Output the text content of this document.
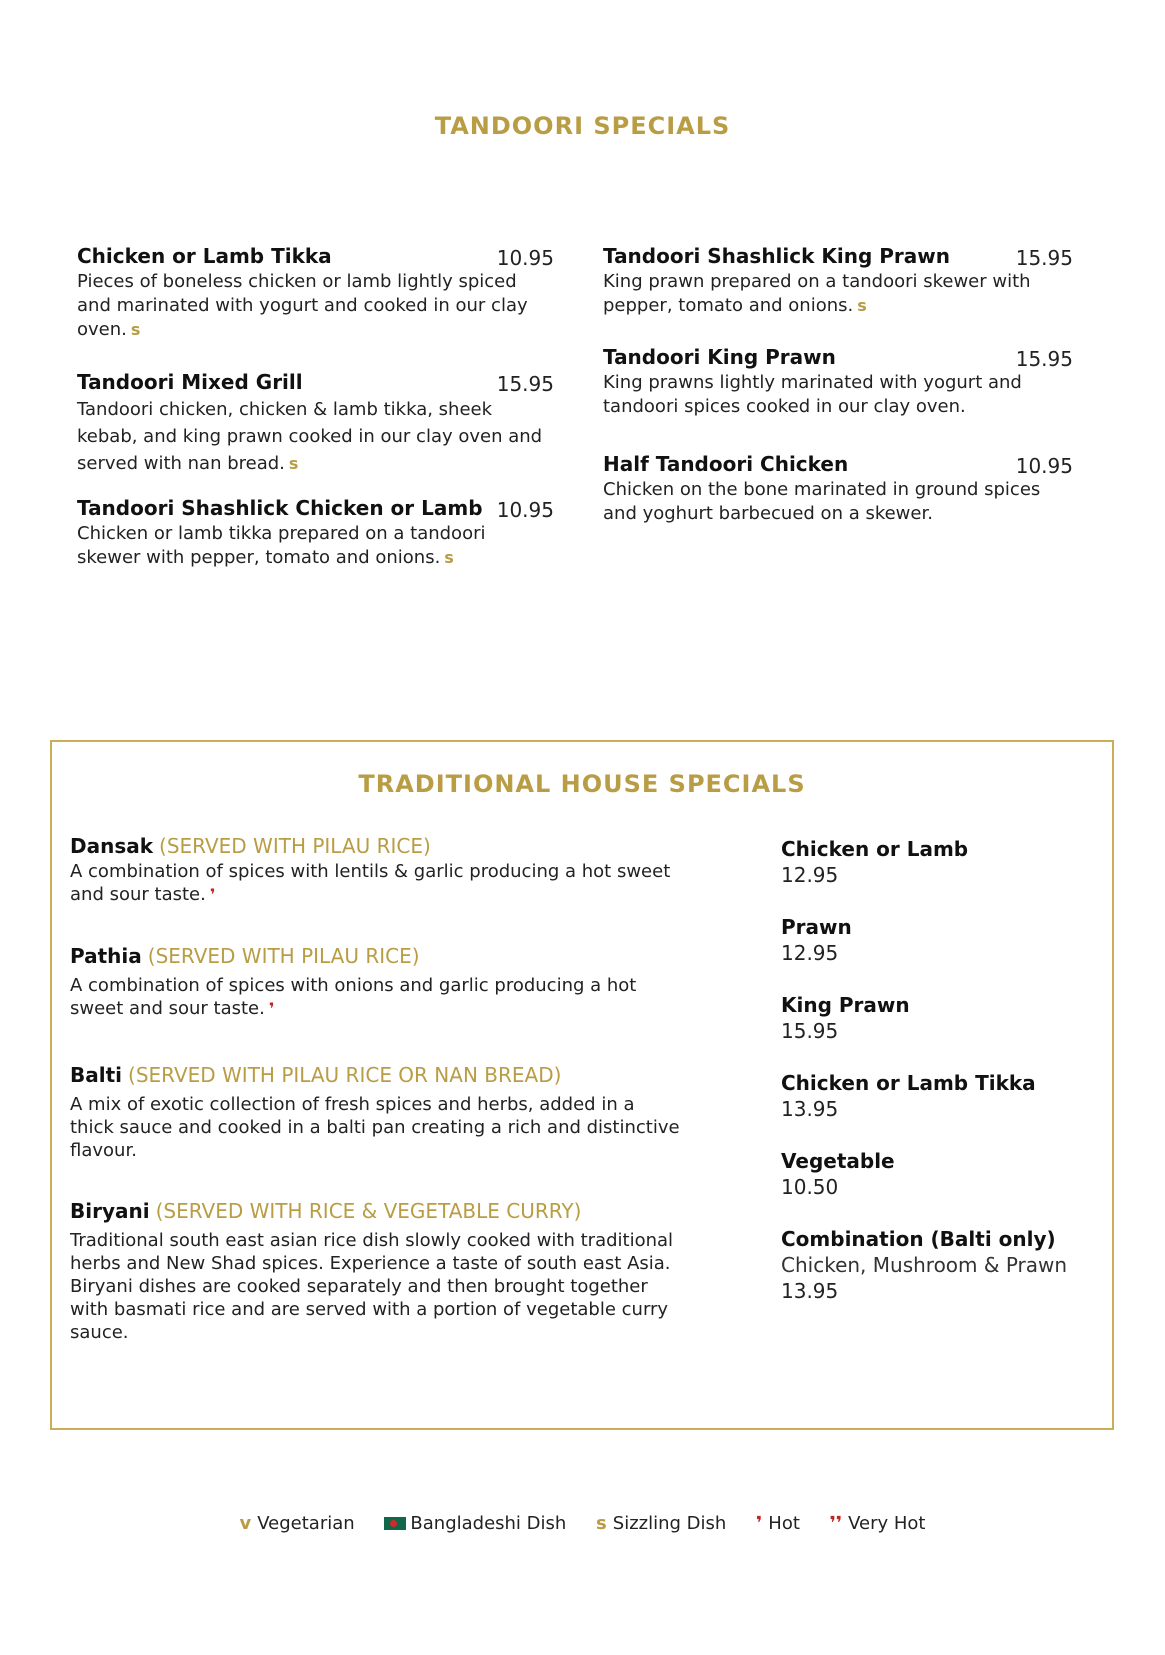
TANDOORI SPECIALS
Chicken or Lamb Tikka	10.95
Pieces of boneless chicken or lamb lightly spiced and marinated with yogurt and cooked in our clay oven. s
Tandoori Mixed Grill	15.95
Tandoori chicken, chicken & lamb tikka, sheek kebab, and king prawn cooked in our clay oven and served with nan bread. s
Tandoori Shashlick Chicken or Lamb 10.95
Chicken or lamb tikka prepared on a tandoori skewer with pepper, tomato and onions. s
Tandoori Shashlick King Prawn	15.95
King prawn prepared on a tandoori skewer with pepper, tomato and onions. s
Tandoori King Prawn	15.95
King prawns lightly marinated with yogurt and tandoori spices cooked in our clay oven.
Half Tandoori Chicken	10.95
Chicken on the bone marinated in ground spices and yoghurt barbecued on a skewer.
TRADITIONAL HOUSE SPECIALS
Dansak (SERVED WITH PILAU RICE)
A combination of spices with lentils & garlic producing a hot sweet and sour taste. ❜
Pathia (SERVED WITH PILAU RICE)
A combination of spices with onions and garlic producing a hot sweet and sour taste. ❜
Balti (SERVED WITH PILAU RICE OR NAN BREAD)
A mix of exotic collection of fresh spices and herbs, added in a thick sauce and cooked in a balti pan creating a rich and distinctive flavour.
Biryani (SERVED WITH RICE & VEGETABLE CURRY)
Traditional south east asian rice dish slowly cooked with traditional herbs and New Shad spices. Experience a taste of south east Asia. Biryani dishes are cooked separately and then brought together with basmati rice and are served with a portion of vegetable curry sauce.
Chicken or Lamb
12.95
Prawn
12.95
King Prawn
15.95
Chicken or Lamb Tikka
13.95
Vegetable
10.50
Combination (Balti only)
Chicken, Mushroom & Prawn
13.95
v Vegetarian	Bangladeshi Dish s Sizzling Dish ❜ Hot ❜❜ Very Hot
